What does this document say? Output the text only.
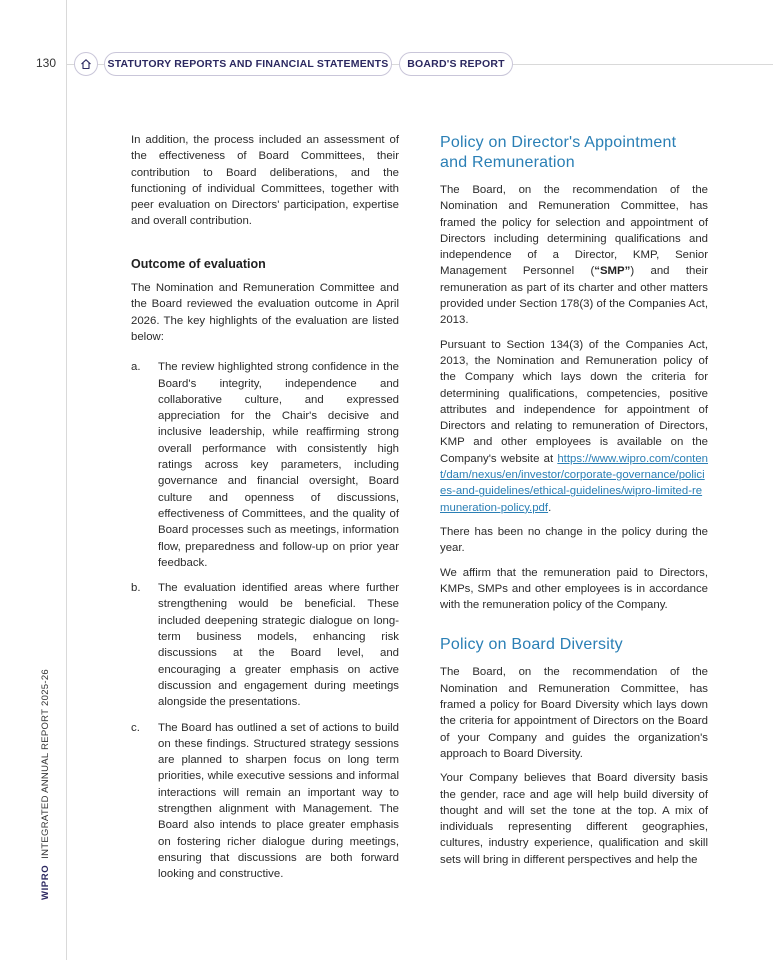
130	STATUTORY REPORTS AND FINANCIAL STATEMENTS	BOARD'S REPORT
WIPROINTEGRATED ANNUAL REPORT 2025-26

In addition, the process included an assessment of the effectiveness of Board Committees, their contribution to Board deliberations, and the functioning of individual Committees, together with peer evaluation on Directors' participation, expertise and overall contribution.

Outcome of evaluation

The Nomination and Remuneration Committee and the Board reviewed the evaluation outcome in April 2026. The key highlights of the evaluation are listed below:

a.	The review highlighted strong confidence in the Board's integrity, independence and collaborative culture, and expressed appreciation for the Chair's decisive and inclusive leadership, while reaffirming strong overall performance with consistently high ratings across key parameters, including governance and financial oversight, Board culture and openness of discussions, effectiveness of Committees, and the quality of Board processes such as meetings, information flow, preparedness and follow-up on prior year feedback.
b.	The evaluation identified areas where further strengthening would be beneficial. These included deepening strategic dialogue on long-term business models, enhancing risk discussions at the Board level, and encouraging a greater emphasis on active discussion and engagement during meetings alongside the presentations.
c.	The Board has outlined a set of actions to build on these findings. Structured strategy sessions are planned to sharpen focus on long term priorities, while executive sessions and informal interactions will remain an important way to strengthen alignment with Management. The Board also intends to place greater emphasis on fostering richer dialogue during meetings, ensuring that discussions are both forward looking and constructive.
Policy on Director's Appointment and Remuneration

The Board, on the recommendation of the Nomination and Remuneration Committee, has framed the policy for selection and appointment of Directors including determining qualifications and independence of a Director, KMP, Senior Management Personnel (“SMP”) and their remuneration as part of its charter and other matters provided under Section 178(3) of the Companies Act, 2013.

Pursuant to Section 134(3) of the Companies Act, 2013, the Nomination and Remuneration policy of the Company which lays down the criteria for determining qualifications, competencies, positive attributes and independence for appointment of Directors and relating to remuneration of Directors, KMP and other employees is available on the Company's website at https://www.wipro.com/content/dam/nexus/en/investor/corporate-governance/policies-and-guidelines/ethical-guidelines/wipro-limited-remuneration-policy.pdf.

There has been no change in the policy during the year.

We affirm that the remuneration paid to Directors, KMPs, SMPs and other employees is in accordance with the remuneration policy of the Company.

Policy on Board Diversity

The Board, on the recommendation of the Nomination and Remuneration Committee, has framed a policy for Board Diversity which lays down the criteria for appointment of Directors on the Board of your Company and guides the organization's approach to Board Diversity.

Your Company believes that Board diversity basis the gender, race and age will help build diversity of thought and will set the tone at the top. A mix of individuals representing different geographies, cultures, industry experience, qualification and skill sets will bring in different perspectives and help the
